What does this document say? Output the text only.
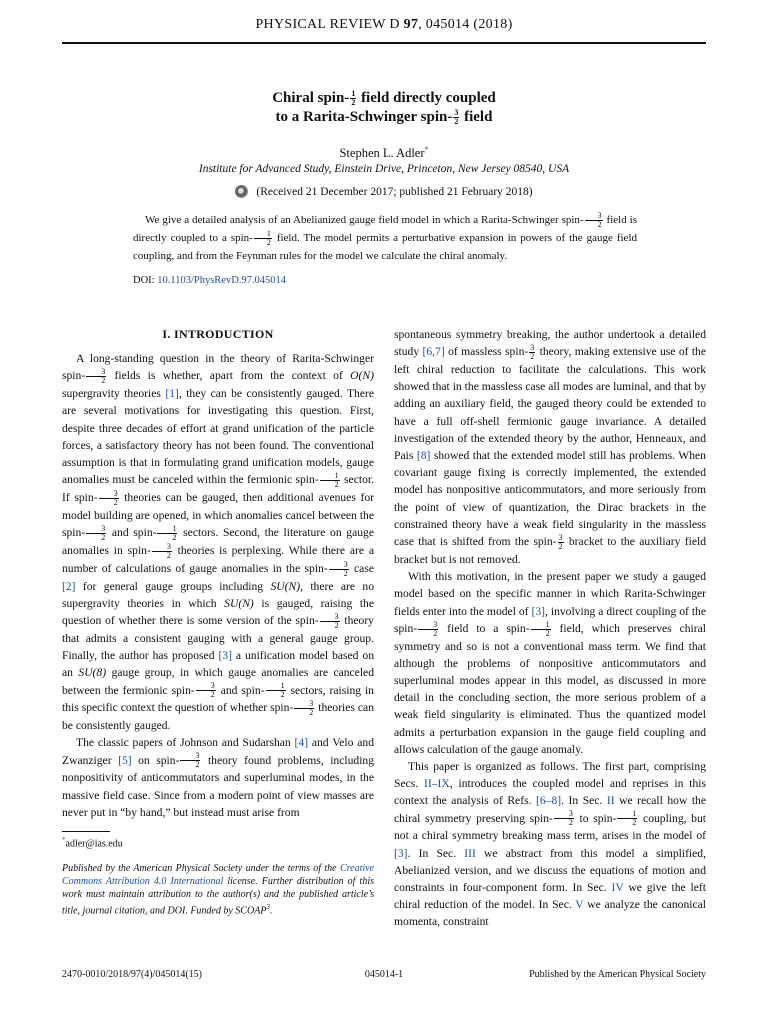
PHYSICAL REVIEW D 97, 045014 (2018)
Chiral spin- $\frac{1}{2}$ field directly coupled
to a Rarita-Schwinger spin- $\frac{3}{2}$ field
Stephen L. Adler*
Institute for Advanced Study, Einstein Drive, Princeton, New Jersey 08540, USA
(Received 21 December 2017; published 21 February 2018)

We give a detailed analysis of an Abelianized gauge field model in which a Rarita-Schwinger spin- $\frac{3}{2}$ field is directly coupled to a spin- $\frac{1}{2}$ field. The model permits a perturbative expansion in powers of the gauge field coupling, and from the Feynman rules for the model we calculate the chiral anomaly.

DOI: 10.1103/PhysRevD.97.045014
I. INTRODUCTION

A long-standing question in the theory of Rarita-Schwinger spin- $\frac{3}{2}$ fields is whether, apart from the context of O(N) supergravity theories [1], they can be consistently gauged. There are several motivations for investigating this question. First, despite three decades of effort at grand unification of the particle forces, a satisfactory theory has not been found. The conventional assumption is that in formulating grand unification models, gauge anomalies must be canceled within the fermionic spin- $\frac{1}{2}$ sector. If spin- $\frac{3}{2}$ theories can be gauged, then additional avenues for model building are opened, in which anomalies cancel between the spin- $\frac{3}{2}$ and spin- $\frac{1}{2}$ sectors. Second, the literature on gauge anomalies in spin- $\frac{3}{2}$ theories is perplexing. While there are a number of calculations of gauge anomalies in the spin- $\frac{3}{2}$ case [2] for general gauge groups including SU(N), there are no supergravity theories in which SU(N) is gauged, raising the question of whether there is some version of the spin- $\frac{3}{2}$ theory that admits a consistent gauging with a general gauge group. Finally, the author has proposed [3] a unification model based on an SU(8) gauge group, in which gauge anomalies are canceled between the fermionic spin- $\frac{3}{2}$ and spin- $\frac{1}{2}$ sectors, raising in this specific context the question of whether spin- $\frac{3}{2}$ theories can be consistently gauged.

The classic papers of Johnson and Sudarshan [4] and Velo and Zwanziger [5] on spin- $\frac{3}{2}$ theory found problems, including nonpositivity of anticommutators and superluminal modes, in the massive field case. Since from a modern point of view masses are never put in “by hand,” but instead must arise from

spontaneous symmetry breaking, the author undertook a detailed study [6,7] of massless spin- $\frac{3}{2}$ theory, making extensive use of the left chiral reduction to facilitate the calculations. This work showed that in the massless case all modes are luminal, and that by adding an auxiliary field, the gauged theory could be extended to have a full off-shell fermionic gauge invariance. A detailed investigation of the extended theory by the author, Henneaux, and Pais [8] showed that the extended model still has problems. When covariant gauge fixing is correctly implemented, the extended model has nonpositive anticommutators, and more seriously from the point of view of quantization, the Dirac brackets in the constrained theory have a weak field singularity in the massless case that is shifted from the spin- $\frac{3}{2}$ bracket to the auxiliary field bracket but is not removed.

With this motivation, in the present paper we study a gauged model based on the specific manner in which Rarita-Schwinger fields enter into the model of [3], involving a direct coupling of the spin- $\frac{3}{2}$ field to a spin- $\frac{1}{2}$ field, which preserves chiral symmetry and so is not a conventional mass term. We find that although the problems of nonpositive anticommutators and superluminal modes appear in this model, as discussed in more detail in the concluding section, the more serious problem of a weak field singularity is eliminated. Thus the quantized model admits a perturbation expansion in the gauge field coupling and allows calculation of the gauge anomaly.

This paper is organized as follows. The first part, comprising Secs. II–IX, introduces the coupled model and reprises in this context the analysis of Refs. [6–8]. In Sec. II we recall how the chiral symmetry preserving spin- $\frac{3}{2}$ to spin- $\frac{1}{2}$ coupling, but not a chiral symmetry breaking mass term, arises in the model of [3]. In Sec. III we abstract from this model a simplified, Abelianized version, and we discuss the equations of motion and constraints in four-component form. In Sec. IV we give the left chiral reduction of the model. In Sec. V we analyze the canonical momenta, constraint

*adler@ias.edu
Published by the American Physical Society under the terms of the Creative Commons Attribution 4.0 International license. Further distribution of this work must maintain attribution to the author(s) and the published article’s title, journal citation, and DOI. Funded by SCOAP$^3$.
2470-0010/2018/97(4)/045014(15)	045014-1	Published by the American Physical Society
